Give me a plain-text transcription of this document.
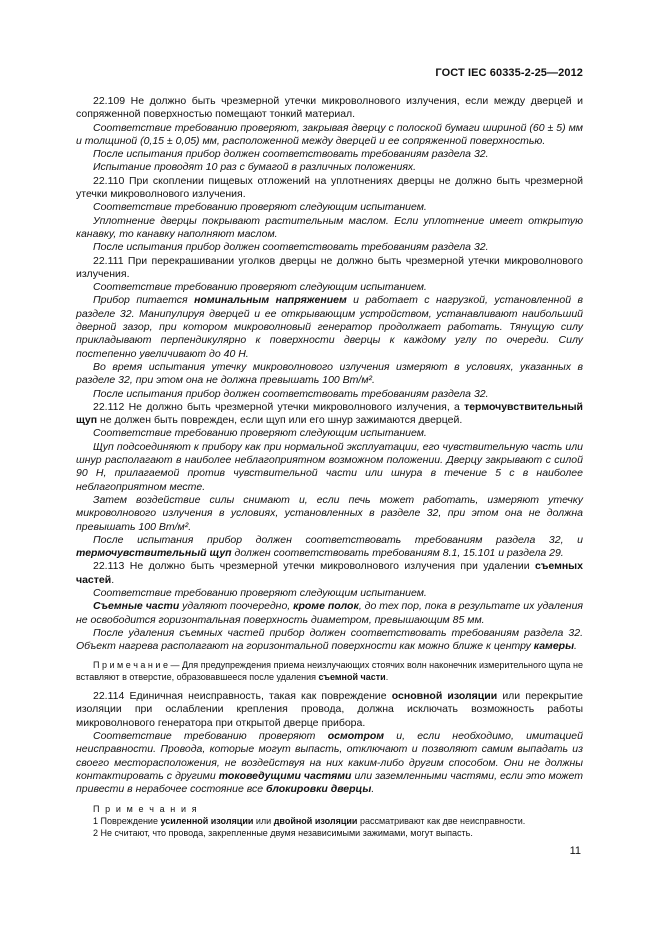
ГОСТ IEC 60335-2-25—2012

22.109 Не должно быть чрезмерной утечки микроволнового излучения, если между дверцей и сопряженной поверхностью помещают тонкий материал.

Соответствие требованию проверяют, закрывая дверцу с полоской бумаги шириной (60 ± 5) мм и толщиной (0,15 ± 0,05) мм, расположенной между дверцей и ее сопряженной поверхностью.

После испытания прибор должен соответствовать требованиям раздела 32.

Испытание проводят 10 раз с бумагой в различных положениях.

22.110 При скоплении пищевых отложений на уплотнениях дверцы не должно быть чрезмерной утечки микроволнового излучения.

Соответствие требованию проверяют следующим испытанием.

Уплотнение дверцы покрывают растительным маслом. Если уплотнение имеет открытую канавку, то канавку наполняют маслом.

После испытания прибор должен соответствовать требованиям раздела 32.

22.111 При перекрашивании уголков дверцы не должно быть чрезмерной утечки микроволнового излучения.

Соответствие требованию проверяют следующим испытанием.

Прибор питается номинальным напряжением и работает с нагрузкой, установленной в разделе 32. Манипулируя дверцей и ее открывающим устройством, устанавливают наибольший дверной зазор, при котором микроволновый генератор продолжает работать. Тянущую силу прикладывают перпендикулярно к поверхности дверцы к каждому углу по очереди. Силу постепенно увеличивают до 40 Н.

Во время испытания утечку микроволнового излучения измеряют в условиях, указанных в разделе 32, при этом она не должна превышать 100 Вт/м².

После испытания прибор должен соответствовать требованиям раздела 32.

22.112 Не должно быть чрезмерной утечки микроволнового излучения, а термочувствительный щуп не должен быть поврежден, если щуп или его шнур зажимаются дверцей.

Соответствие требованию проверяют следующим испытанием.

Щуп подсоединяют к прибору как при нормальной эксплуатации, его чувствительную часть или шнур располагают в наиболее неблагоприятном возможном положении. Дверцу закрывают с силой 90 Н, прилагаемой против чувствительной части или шнура в течение 5 с в наиболее неблагоприятном месте.

Затем воздействие силы снимают и, если печь может работать, измеряют утечку микроволнового излучения в условиях, установленных в разделе 32, при этом она не должна превышать 100 Вт/м².

После испытания прибор должен соответствовать требованиям раздела 32, и термочувствительный щуп должен соответствовать требованиям 8.1, 15.101 и раздела 29.

22.113 Не должно быть чрезмерной утечки микроволнового излучения при удалении съемных частей.

Соответствие требованию проверяют следующим испытанием.

Съемные части удаляют поочередно, кроме полок, до тех пор, пока в результате их удаления не освободится горизонтальная поверхность диаметром, превышающим 85 мм.

После удаления съемных частей прибор должен соответствовать требованиям раздела 32. Объект нагрева располагают на горизонтальной поверхности как можно ближе к центру камеры.

П р и м е ч а н и е — Для предупреждения приема неизлучающих стоячих волн наконечник измерительного щупа не вставляют в отверстие, образовавшееся после удаления съемной части.

22.114 Единичная неисправность, такая как повреждение основной изоляции или перекрытие изоляции при ослаблении крепления провода, должна исключать возможность работы микроволнового генератора при открытой дверце прибора.

Соответствие требованию проверяют осмотром и, если необходимо, имитацией неисправности. Провода, которые могут выпасть, отключают и позволяют самим выпадать из своего месторасположения, не воздействуя на них каким-либо другим способом. Они не должны контактировать с другими токоведущими частями или заземленными частями, если это может привести в нерабочее состояние все блокировки дверцы.

П р и м е ч а н и я

1 Повреждение усиленной изоляции или двойной изоляции рассматривают как две неисправности.

2 Не считают, что провода, закрепленные двумя независимыми зажимами, могут выпасть.

11
